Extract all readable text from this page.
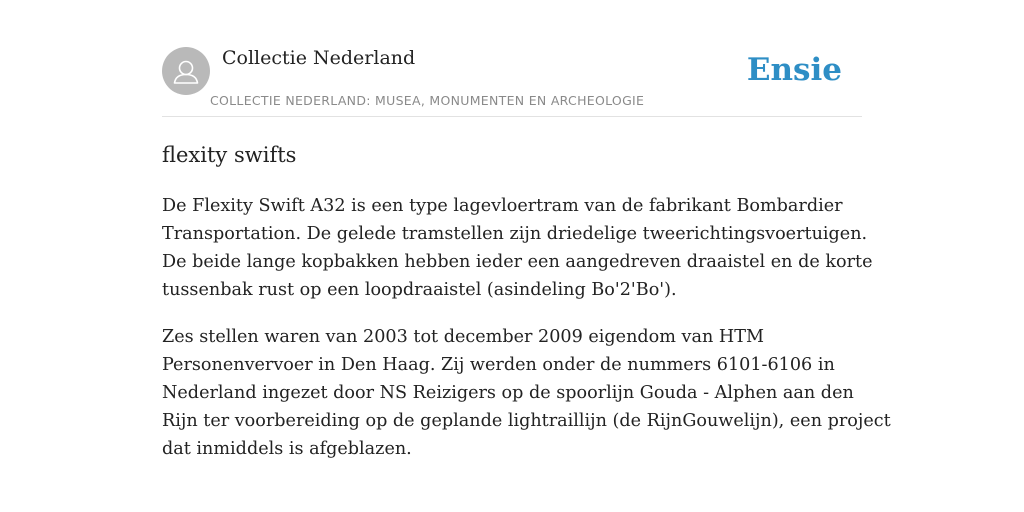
Collectie Nederland
COLLECTIE NEDERLAND: MUSEA, MONUMENTEN EN ARCHEOLOGIE
Ensie
flexity swifts

De Flexity Swift A32 is een type lagevloertram van de fabrikant Bombardier
Transportation. De gelede tramstellen zijn driedelige tweerichtingsvoertuigen.
De beide lange kopbakken hebben ieder een aangedreven draaistel en de korte
tussenbak rust op een loopdraaistel (asindeling Bo'2'Bo').

Zes stellen waren van 2003 tot december 2009 eigendom van HTM
Personenvervoer in Den Haag. Zij werden onder de nummers 6101-6106 in
Nederland ingezet door NS Reizigers op de spoorlijn Gouda - Alphen aan den
Rijn ter voorbereiding op de geplande lightraillijn (de RijnGouwelijn), een project
dat inmiddels is afgeblazen.
